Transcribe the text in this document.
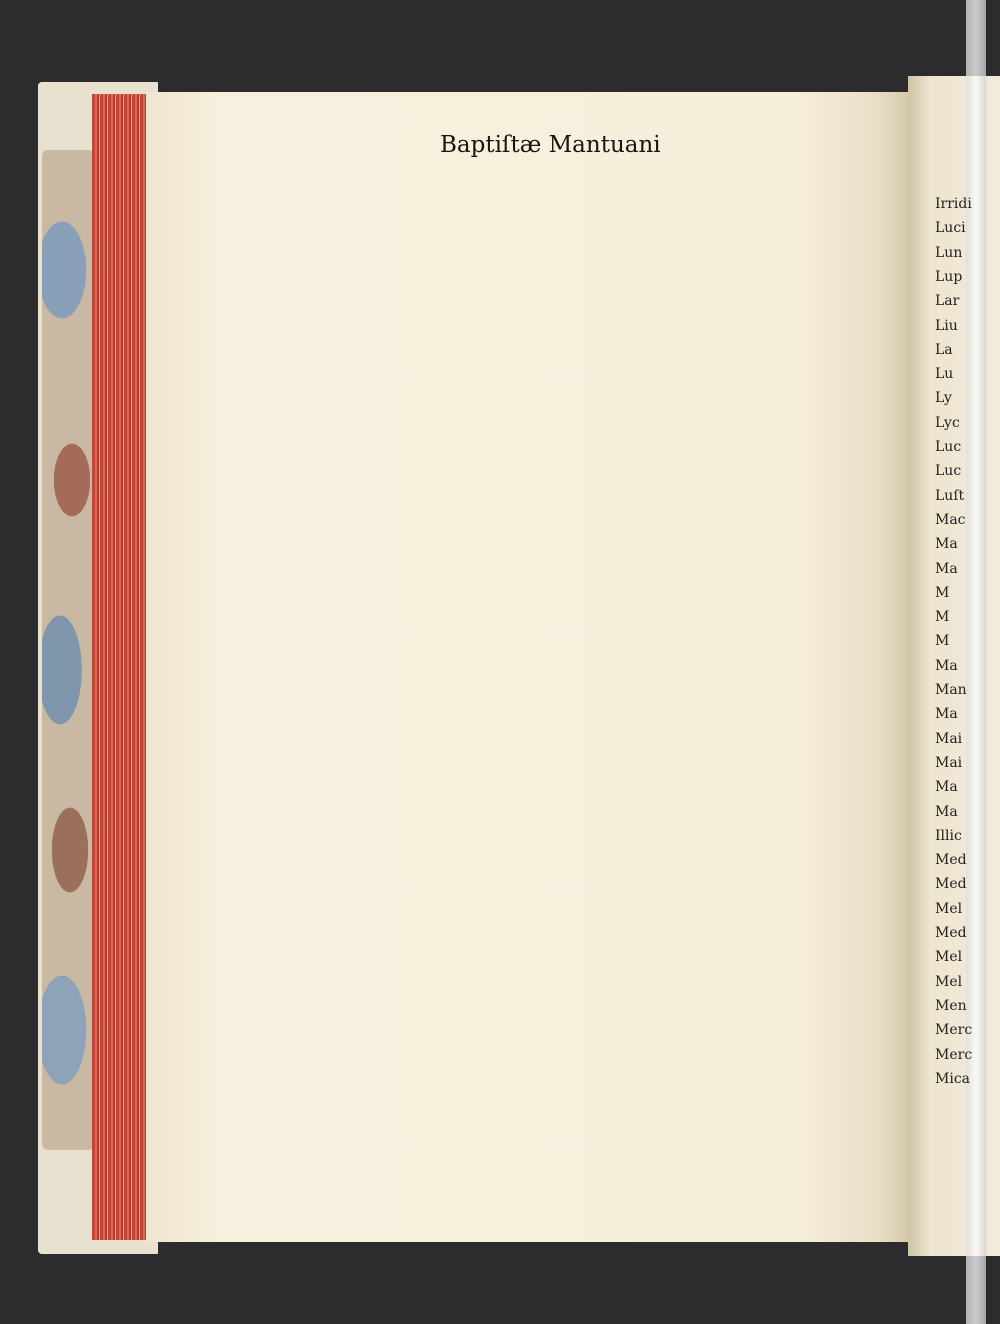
Baptiſtæ Mantuani
Irridi
Luci
Lun
Lup
Lar
Liu
La
Lu
Ly
Lyc
Luc
Luc
Luſt
Mac
Ma
Ma
M
M
M
Ma
Man
Ma
Mai
Mai
Ma
Ma
Illic
Med
Med
Mel
Med
Mel
Mel
Men
Merc
Merc
Mica
